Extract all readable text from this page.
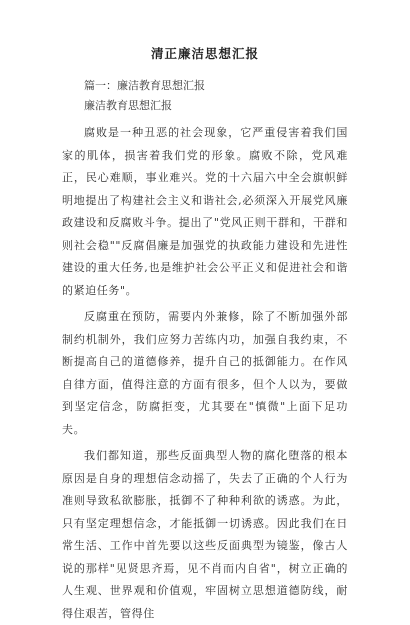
清正廉洁思想汇报

篇一：廉洁教育思想汇报

廉洁教育思想汇报

腐败是一种丑恶的社会现象，它严重侵害着我们国家的肌体，损害着我们党的形象。腐败不除，党风难正，民心难顺，事业难兴。党的十六届六中全会旗帜鲜明地提出了构建社会主义和谐社会,必须深入开展党风廉政建设和反腐败斗争。提出了"党风正则干群和，干群和则社会稳""反腐倡廉是加强党的执政能力建设和先进性建设的重大任务,也是维护社会公平正义和促进社会和谐的紧迫任务"。

反腐重在预防，需要内外兼修，除了不断加强外部制约机制外，我们应努力苦练内功，加强自我约束，不断提高自己的道德修养，提升自己的抵御能力。在作风自律方面，值得注意的方面有很多，但个人以为，要做到坚定信念，防腐拒变，尤其要在"慎微"上面下足功夫。

我们都知道，那些反面典型人物的腐化堕落的根本原因是自身的理想信念动摇了，失去了正确的个人行为准则导致私欲膨胀，抵御不了种种利欲的诱惑。为此，只有坚定理想信念，才能抵御一切诱惑。因此我们在日常生活、工作中首先要以这些反面典型为镜鉴，像古人说的那样"见贤思齐焉，见不肖而内自省"，树立正确的人生观、世界观和价值观，牢固树立思想道德防线，耐得住艰苦，管得住
